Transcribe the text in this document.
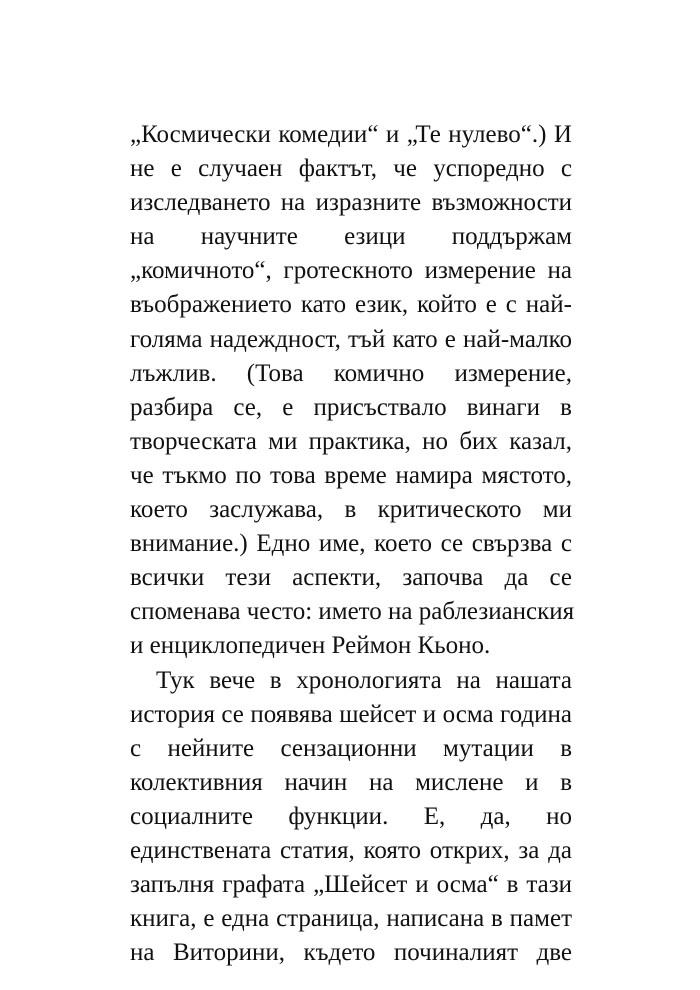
„Космически комедии“ и „Те нулево“.) И
не е случаен фактът, че успоредно с
изследването на изразните възможности
на научните езици поддържам
„комичното“, гротескното измерение на
въображението като език, който е с най-
голяма надеждност, тъй като е най-малко
лъжлив. (Това комично измерение,
разбира се, е присъствало винаги в
творческата ми практика, но бих казал,
че тъкмо по това време намира мястото,
което заслужава, в критическото ми
внимание.) Едно име, което се свързва с
всички тези аспекти, започва да се
споменава често: името на раблезианския
и енциклопедичен Реймон Кьоно.
Тук вече в хронологията на нашата
история се появява шейсет и осма година
с нейните сензационни мутации в
колективния начин на мислене и в
социалните функции. Е, да, но
единствената статия, която открих, за да
запълня графата „Шейсет и осма“ в тази
книга, е една страница, написана в памет
на Виторини, където починалият две
